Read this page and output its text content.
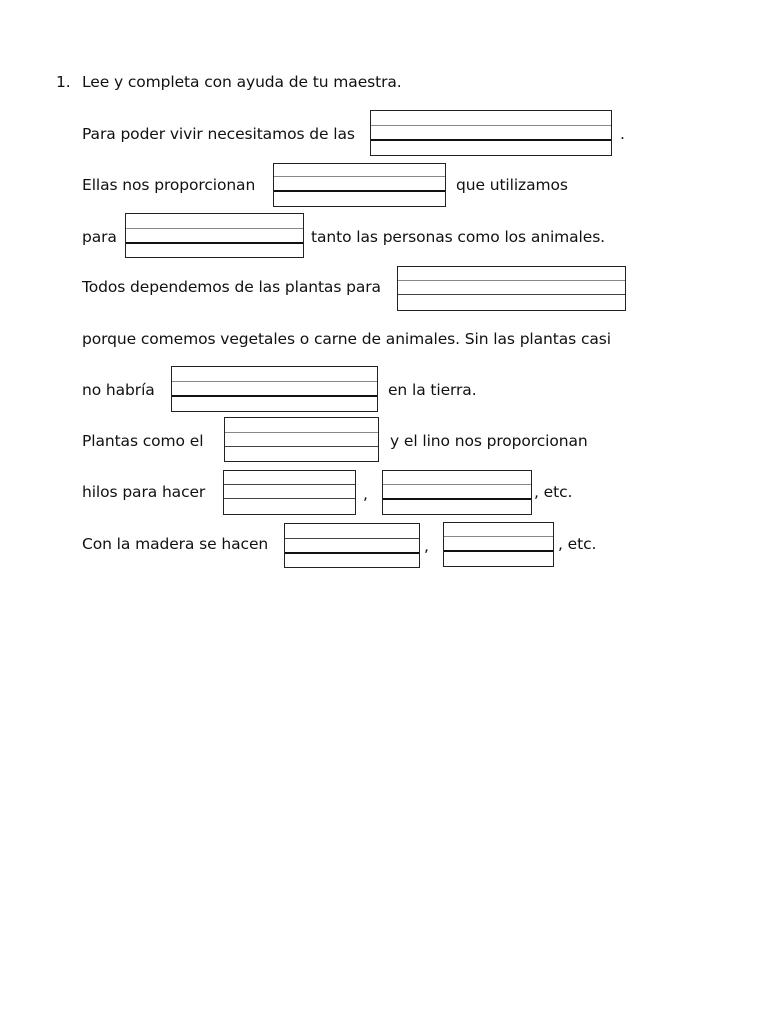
1. Lee y completa con ayuda de tu maestra.
Para poder vivir necesitamos de las	.
Ellas nos proporcionan	que utilizamos
para	tanto las personas como los animales.
Todos dependemos de las plantas para
porque comemos vegetales o carne de animales. Sin las plantas casi
no habría	en la tierra.
Plantas como el	y el lino nos proporcionan
hilos para hacer	,	, etc.
Con la madera se hacen	,	, etc.
